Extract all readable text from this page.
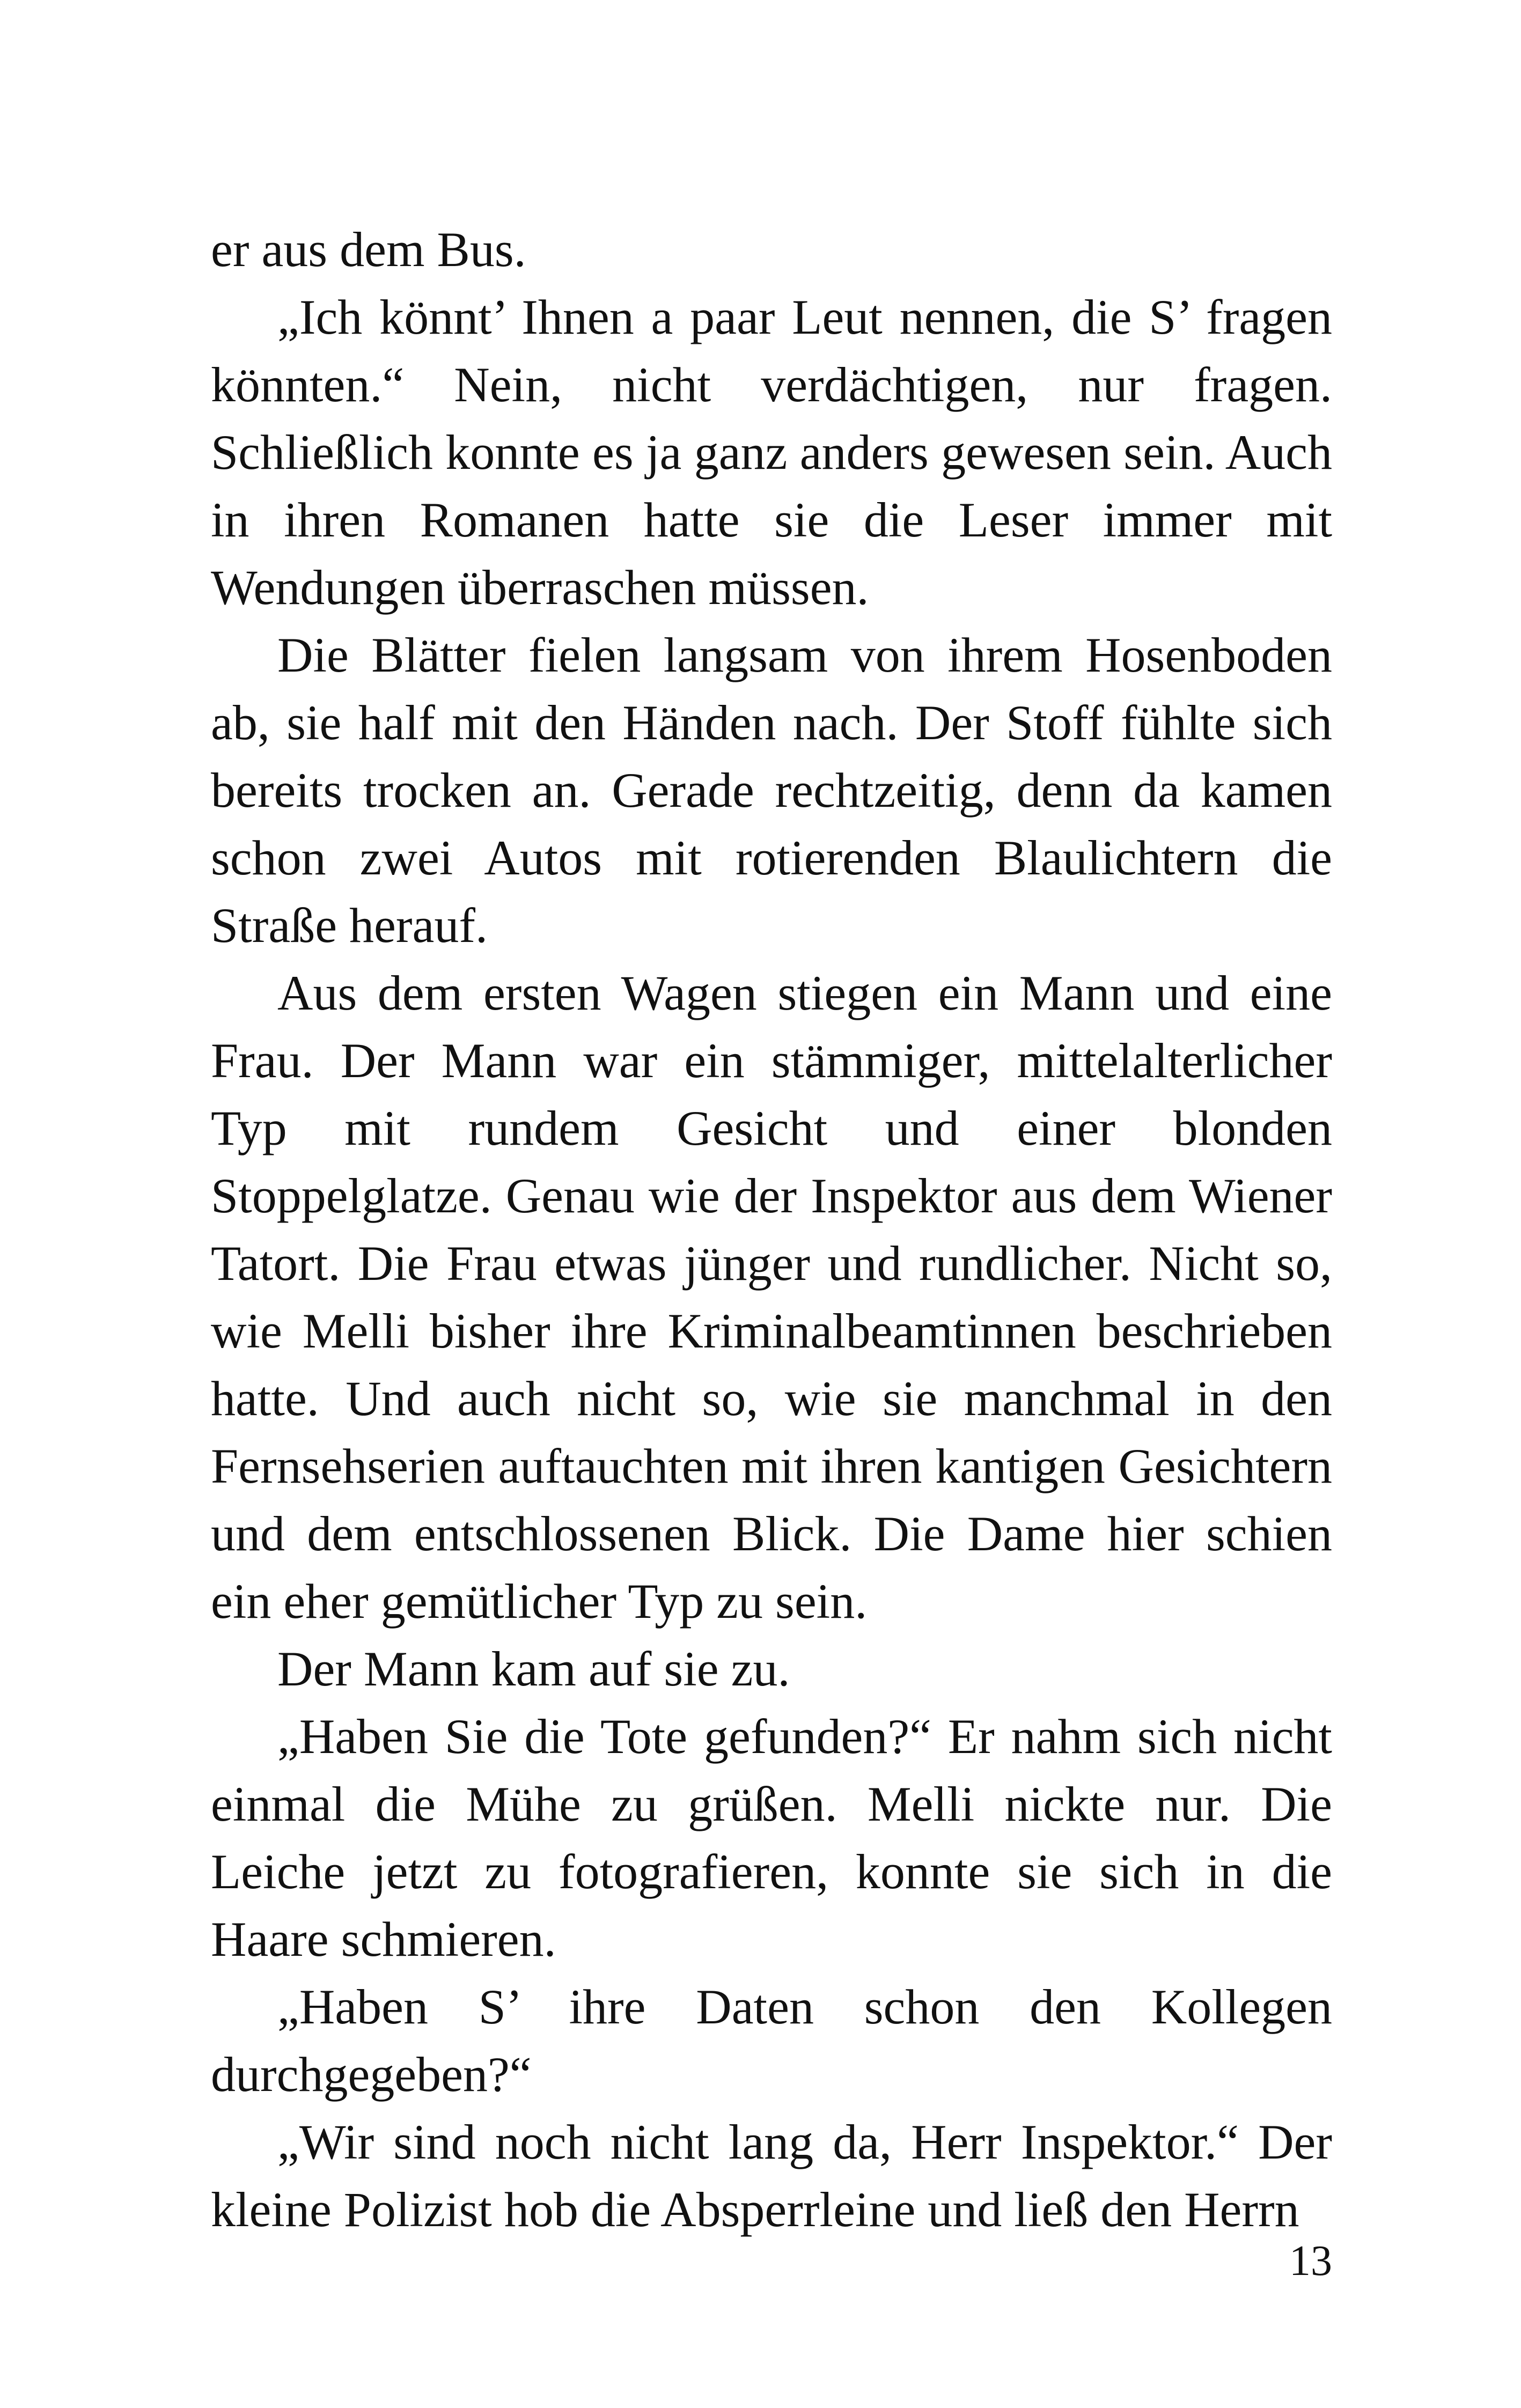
er aus dem Bus.

„Ich könnt’ Ihnen a paar Leut nennen, die S’ fragen könnten.“ Nein, nicht verdächtigen, nur fragen. Schließlich konnte es ja ganz anders gewesen sein. Auch in ihren Romanen hatte sie die Leser immer mit Wendungen überraschen müssen.

Die Blätter fielen langsam von ihrem Hosenboden ab, sie half mit den Händen nach. Der Stoff fühlte sich bereits trocken an. Gerade rechtzeitig, denn da kamen schon zwei Autos mit rotierenden Blaulichtern die Straße herauf.

Aus dem ersten Wagen stiegen ein Mann und eine Frau. Der Mann war ein stämmiger, mittelalterlicher Typ mit rundem Gesicht und einer blonden Stoppelglatze. Genau wie der Inspektor aus dem Wiener Tatort. Die Frau etwas jünger und rundlicher. Nicht so, wie Melli bisher ihre Kriminalbeamtinnen beschrieben hatte. Und auch nicht so, wie sie manchmal in den Fernsehserien auftauchten mit ihren kantigen Gesichtern und dem entschlossenen Blick. Die Dame hier schien ein eher gemütlicher Typ zu sein.

Der Mann kam auf sie zu.

„Haben Sie die Tote gefunden?“ Er nahm sich nicht einmal die Mühe zu grüßen. Melli nickte nur. Die Leiche jetzt zu fotografieren, konnte sie sich in die Haare schmieren.

„Haben S’ ihre Daten schon den Kollegen durchgegeben?“

„Wir sind noch nicht lang da, Herr Inspektor.“ Der kleine Polizist hob die Absperrleine und ließ den Herrn

13
